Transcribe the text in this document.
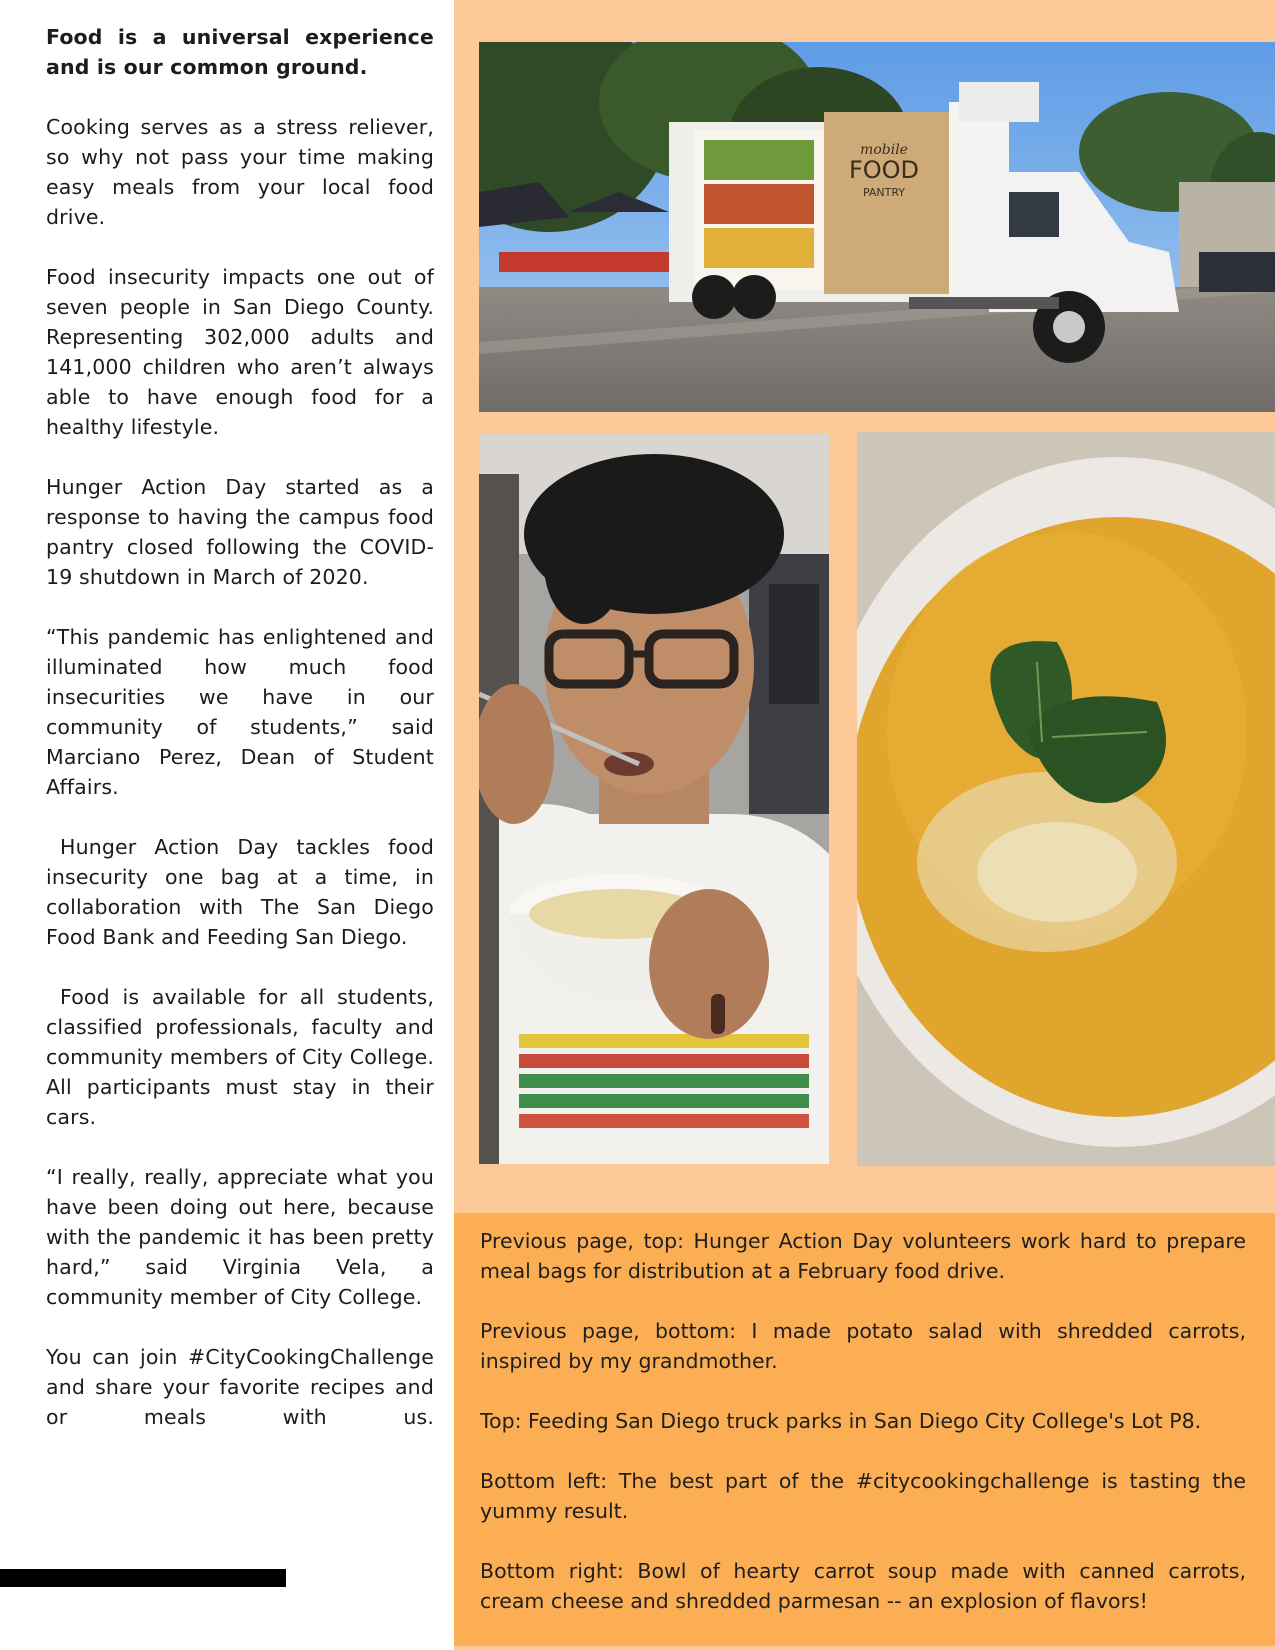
Food is a universal experience and is our common ground.

Cooking serves as a stress reliever, so why not pass your time making easy meals from your local food drive.

Food insecurity impacts one out of seven people in San Diego County. Representing 302,000 adults and 141,000 children who aren’t always able to have enough food for a healthy lifestyle.

Hunger Action Day started as a response to having the campus food pantry closed following the COVID-19 shutdown in March of 2020.

“This pandemic has enlightened and illuminated how much food insecurities we have in our community of students,” said Marciano Perez, Dean of Student Affairs.

Hunger Action Day tackles food insecurity one bag at a time, in collaboration with The San Diego Food Bank and Feeding San Diego.

Food is available for all students, classified professionals, faculty and community members of City College. All participants must stay in their cars.

“I really, really, appreciate what you have been doing out here, because with the pandemic it has been pretty hard,” said Virginia Vela, a community member of City College.

You can join #CityCookingChallenge and share your favorite recipes and or meals with us.

mobile
FOOD
PANTRY

Previous page, top: Hunger Action Day volunteers work hard to prepare meal bags for distribution at a February food drive.

Previous page, bottom: I made potato salad with shredded carrots, inspired by my grandmother.

Top: Feeding San Diego truck parks in San Diego City College's Lot P8.

Bottom left: The best part of the #citycookingchallenge is tasting the yummy result.

Bottom right: Bowl of hearty carrot soup made with canned carrots, cream cheese and shredded parmesan -- an explosion of flavors!
